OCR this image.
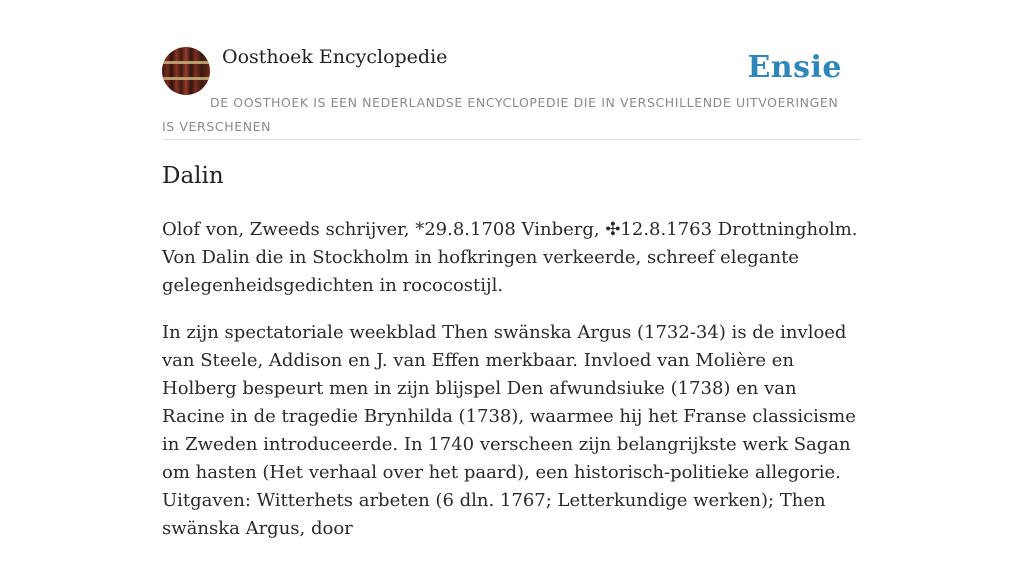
Oosthoek Encyclopedie	Ensie
DE OOSTHOEK IS EEN NEDERLANDSE ENCYCLOPEDIE DIE IN VERSCHILLENDE UITVOERINGEN IS VERSCHENEN
Dalin

Olof von, Zweeds schrijver, *29.8.1708 Vinberg, ✣12.8.1763 Drottningholm. Von Dalin die in Stockholm in hofkringen verkeerde, schreef elegante gelegenheidsgedichten in rococostijl.

In zijn spectatoriale weekblad Then swänska Argus (1732-34) is de invloed van Steele, Addison en J. van Effen merkbaar. Invloed van Molière en Holberg bespeurt men in zijn blijspel Den afwundsiuke (1738) en van Racine in de tragedie Brynhilda (1738), waarmee hij het Franse classicisme in Zweden introduceerde. In 1740 verscheen zijn belangrijkste werk Sagan om hasten (Het verhaal over het paard), een historisch-politieke allegorie. Uitgaven: Witterhets arbeten (6 dln. 1767; Letterkundige werken); Then swänska Argus, door
